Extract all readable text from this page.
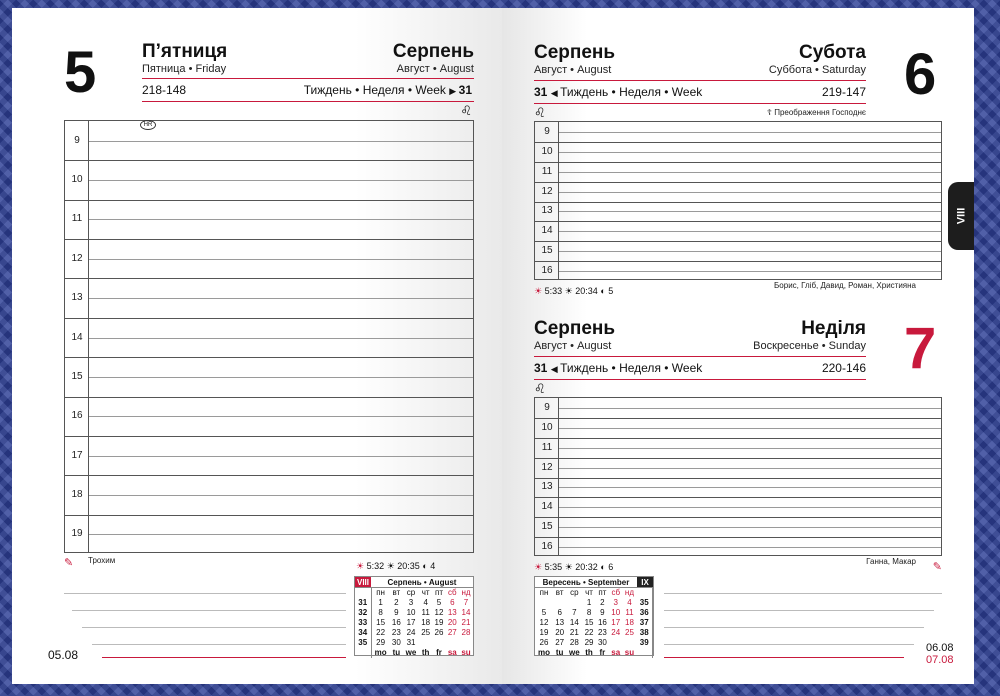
5 П’ятниця
Пятница • Friday
Серпень
Август • August
218-148	Тиждень • Неделя • Week ▶ 31
♌
9
10
11
12
13
14
15
16
17
18
19
HR
✎ Трохим
☀ 5:32 ☀ 20:35 ◐ 4
05.08
VIII	Серпень • August
	пн	вт	ср	чт	пт	сб	нд
31	1	2	3	4	5	6	7
32	8	9	10	11	12	13	14
33	15	16	17	18	19	20	21
34	22	23	24	25	26	27	28
35	29	30	31				
	mo	tu	we	th	fr	sa	su
Серпень
Август • August
Субота
Суббота • Saturday 6
31 ◀ Тиждень • Неделя • Week	219-147
♌	☦ Преображення Господнє
9
10
11
12
13
14
15
16
☀ 5:33 ☀ 20:34 ◐ 5
Борис, Гліб, Давид, Роман, Християна
Серпень
Август • August
Неділя
Воскресенье • Sunday 7
31 ◀ Тиждень • Неделя • Week	220-146
♌
9
10
11
12
13
14
15
16
Ганна, Макар ✎
☀ 5:35 ☀ 20:32 ◐ 6
Вересень • September	IX
пн	вт	ср	чт	пт	сб	нд	
			1	2	3	4	35
5	6	7	8	9	10	11	36
12	13	14	15	16	17	18	37
19	20	21	22	23	24	25	38
26	27	28	29	30			39
mo	tu	we	th	fr	sa	su		06.08
07.08
VIII
